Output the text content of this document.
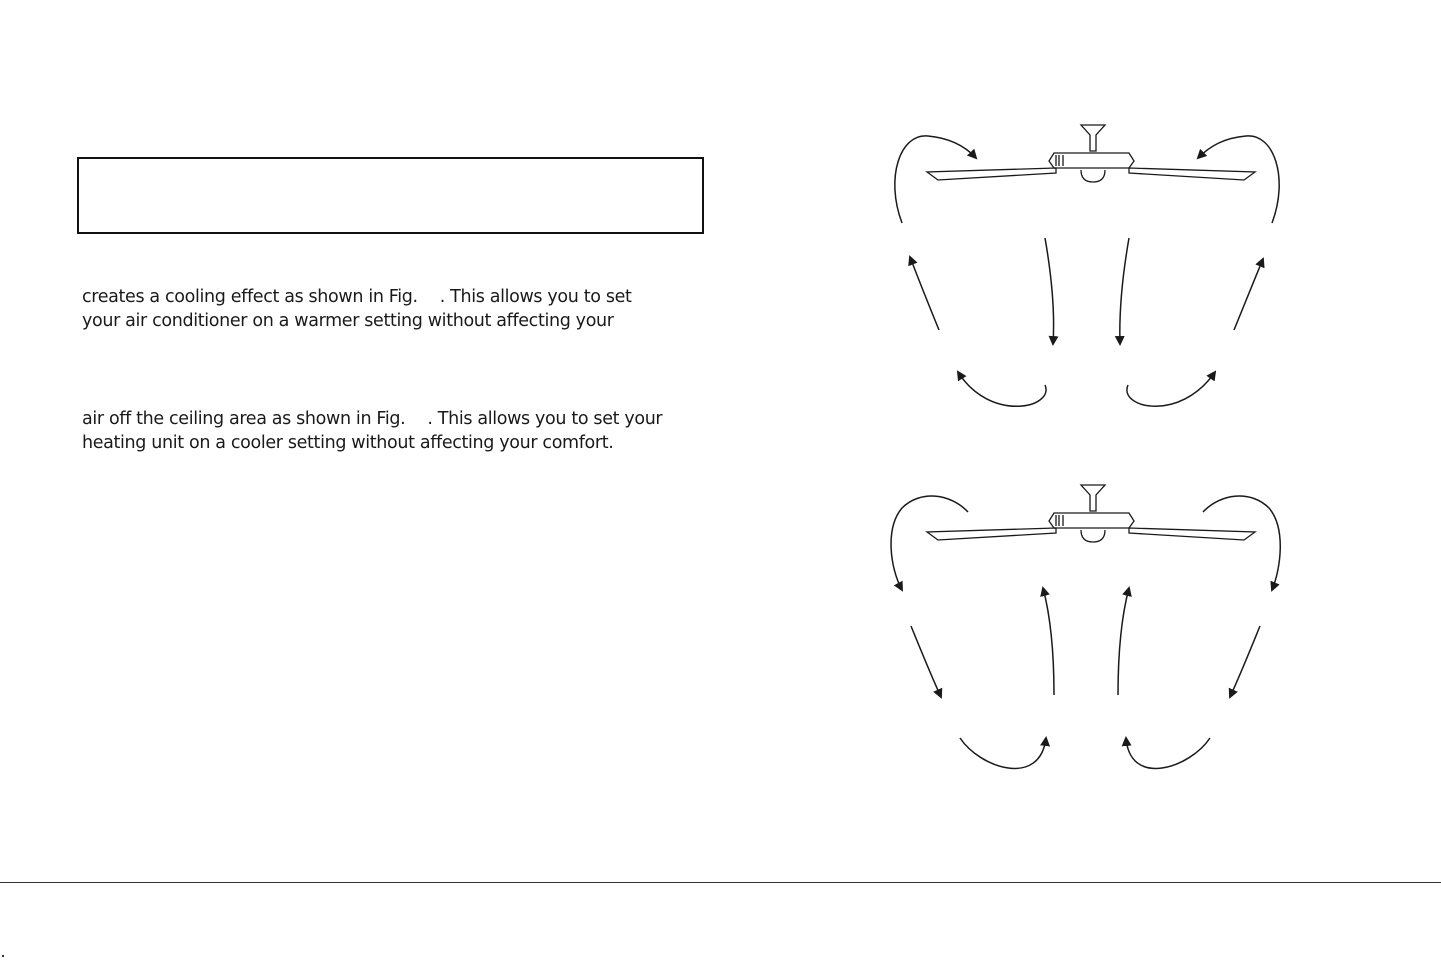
creates a cooling effect as shown in Fig. . This allows you to set
your air conditioner on a warmer setting without affecting your
air off the ceiling area as shown in Fig. . This allows you to set your
heating unit on a cooler setting without affecting your comfort.
